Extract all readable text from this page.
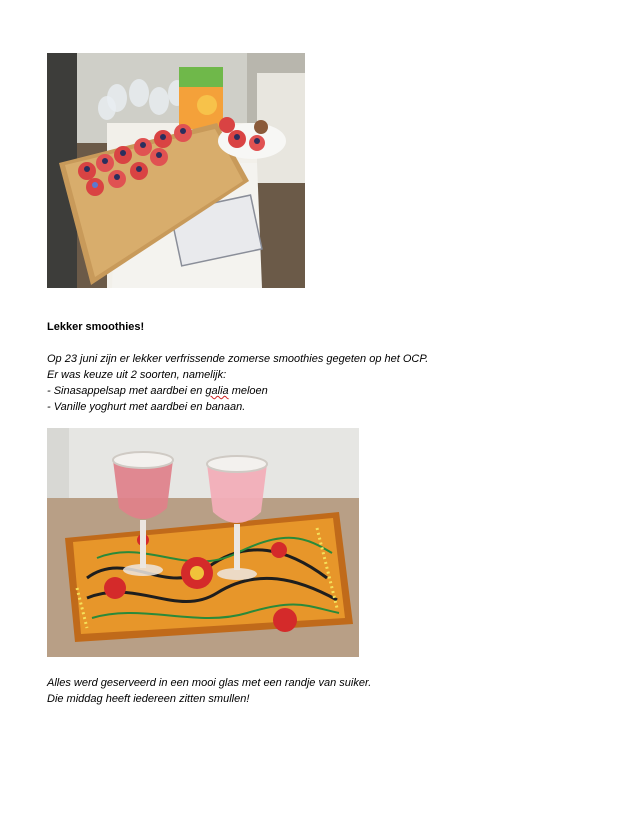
Lekker smoothies!
Op 23 juni zijn er lekker verfrissende zomerse smoothies gegeten op het OCP.
Er was keuze uit 2 soorten, namelijk:
- Sinasappelsap met aardbei en galia meloen
- Vanille yoghurt met aardbei en banaan.
Alles werd geserveerd in een mooi glas met een randje van suiker.
Die middag heeft iedereen zitten smullen!
